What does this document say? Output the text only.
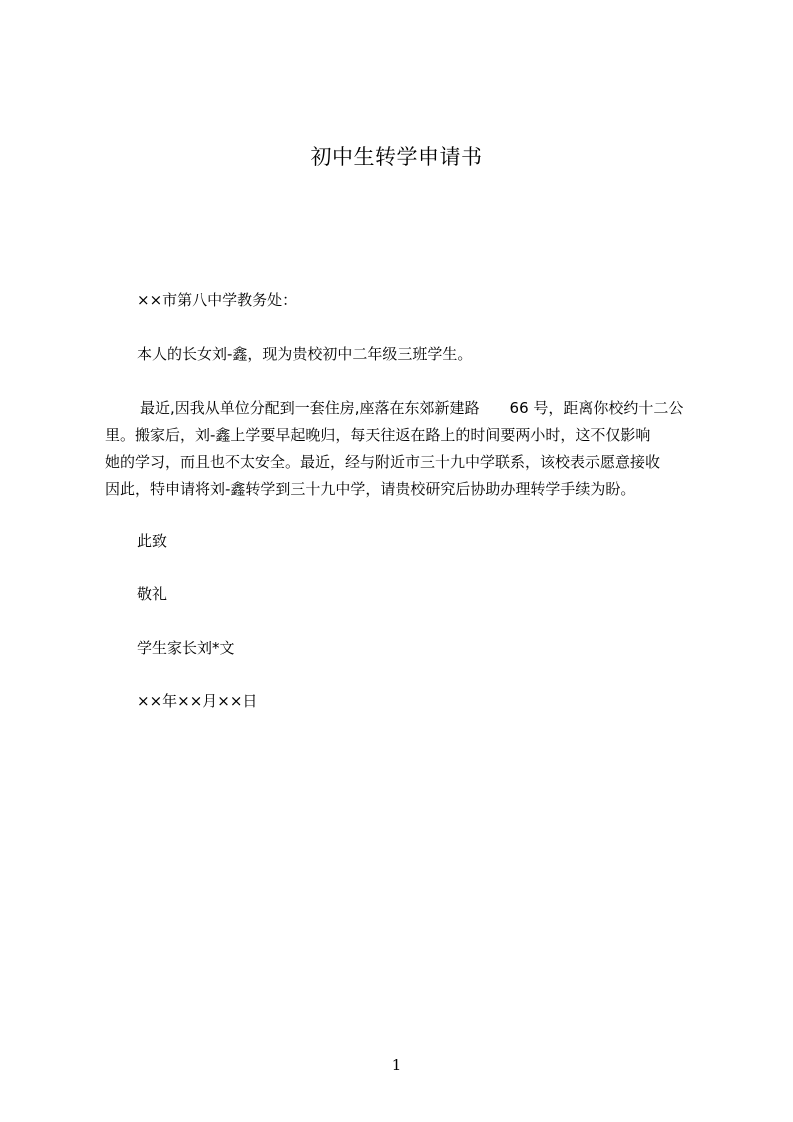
初中生转学申请书
××市第八中学教务处：
本人的长女刘-鑫，现为贵校初中二年级三班学生。
最近,因我从单位分配到一套住房,座落在东郊新建路 66 号，距离你校约十二公
里。搬家后，刘-鑫上学要早起晚归，每天往返在路上的时间要两小时，这不仅影响
她的学习，而且也不太安全。最近，经与附近市三十九中学联系，该校表示愿意接收
因此，特申请将刘-鑫转学到三十九中学，请贵校研究后协助办理转学手续为盼。
此致
敬礼
学生家长刘*文
××年××月××日
1
